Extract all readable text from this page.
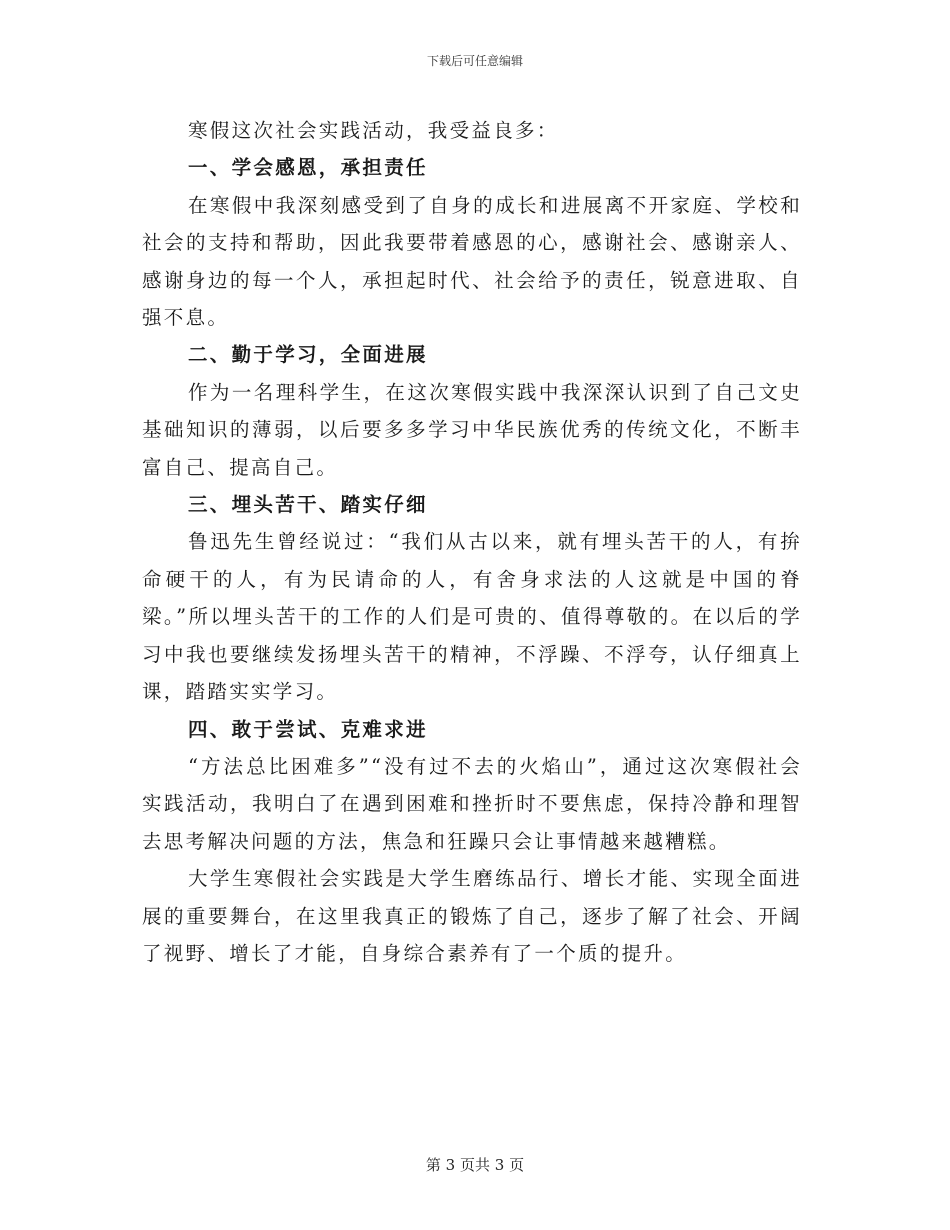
下载后可任意编辑

寒假这次社会实践活动，我受益良多：

一、学会感恩，承担责任

在寒假中我深刻感受到了自身的成长和进展离不开家庭、学校和社会的支持和帮助，因此我要带着感恩的心，感谢社会、感谢亲人、感谢身边的每一个人，承担起时代、社会给予的责任，锐意进取、自强不息。

二、勤于学习，全面进展

作为一名理科学生，在这次寒假实践中我深深认识到了自己文史基础知识的薄弱，以后要多多学习中华民族优秀的传统文化，不断丰富自己、提高自己。

三、埋头苦干、踏实仔细

鲁迅先生曾经说过：“我们从古以来，就有埋头苦干的人，有拚命硬干的人，有为民请命的人，有舍身求法的人这就是中国的脊梁。”所以埋头苦干的工作的人们是可贵的、值得尊敬的。在以后的学习中我也要继续发扬埋头苦干的精神，不浮躁、不浮夸，认仔细真上课，踏踏实实学习。

四、敢于尝试、克难求进

“方法总比困难多”“没有过不去的火焰山”，通过这次寒假社会实践活动，我明白了在遇到困难和挫折时不要焦虑，保持冷静和理智去思考解决问题的方法，焦急和狂躁只会让事情越来越糟糕。

大学生寒假社会实践是大学生磨练品行、增长才能、实现全面进展的重要舞台，在这里我真正的锻炼了自己，逐步了解了社会、开阔了视野、增长了才能，自身综合素养有了一个质的提升。

第 3 页共 3 页
